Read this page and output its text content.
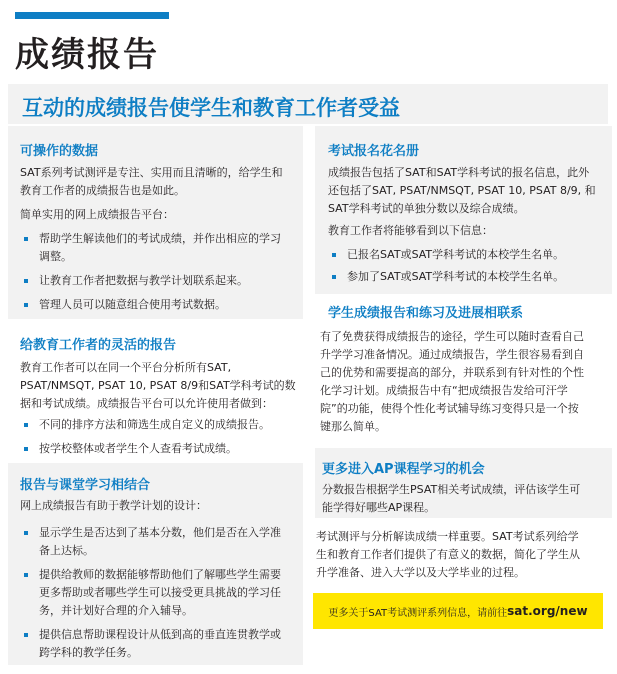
成绩报告
互动的成绩报告使学生和教育工作者受益
可操作的数据
SAT系列考试测评是专注、实用而且清晰的，给学生和
教育工作者的成绩报告也是如此。
简单实用的网上成绩报告平台：
帮助学生解读他们的考试成绩，并作出相应的学习
调整。
让教育工作者把数据与教学计划联系起来。
管理人员可以随意组合使用考试数据。
给教育工作者的灵活的报告
教育工作者可以在同一个平台分析所有SAT,
PSAT/NMSQT, PSAT 10, PSAT 8/9和SAT学科考试的数
据和考试成绩。成绩报告平台可以允许使用者做到：
不同的排序方法和筛选生成自定义的成绩报告。
按学校整体或者学生个人查看考试成绩。
报告与课堂学习相结合
网上成绩报告有助于教学计划的设计：
显示学生是否达到了基本分数，他们是否在入学准
备上达标。
提供给教师的数据能够帮助他们了解哪些学生需要
更多帮助或者哪些学生可以接受更具挑战的学习任
务，并计划好合理的介入辅导。
提供信息帮助课程设计从低到高的垂直连贯教学或
跨学科的教学任务。
考试报名花名册
成绩报告包括了SAT和SAT学科考试的报名信息，此外
还包括了SAT, PSAT/NMSQT, PSAT 10, PSAT 8/9, 和
SAT学科考试的单独分数以及综合成绩。
教育工作者将能够看到以下信息：
已报名SAT或SAT学科考试的本校学生名单。
参加了SAT或SAT学科考试的本校学生名单。
学生成绩报告和练习及进展相联系
有了免费获得成绩报告的途径，学生可以随时查看自己
升学学习准备情况。通过成绩报告，学生很容易看到自
己的优势和需要提高的部分，并联系到有针对性的个性
化学习计划。成绩报告中有“把成绩报告发给可汗学
院”的功能，使得个性化考试辅导练习变得只是一个按
键那么简单。
更多进入AP课程学习的机会
分数报告根据学生PSAT相关考试成绩，评估该学生可
能学得好哪些AP课程。
考试测评与分析解读成绩一样重要。SAT考试系列给学
生和教育工作者们提供了有意义的数据，简化了学生从
升学准备、进入大学以及大学毕业的过程。
更多关于SAT考试测评系列信息，请前往 sat.org/new
